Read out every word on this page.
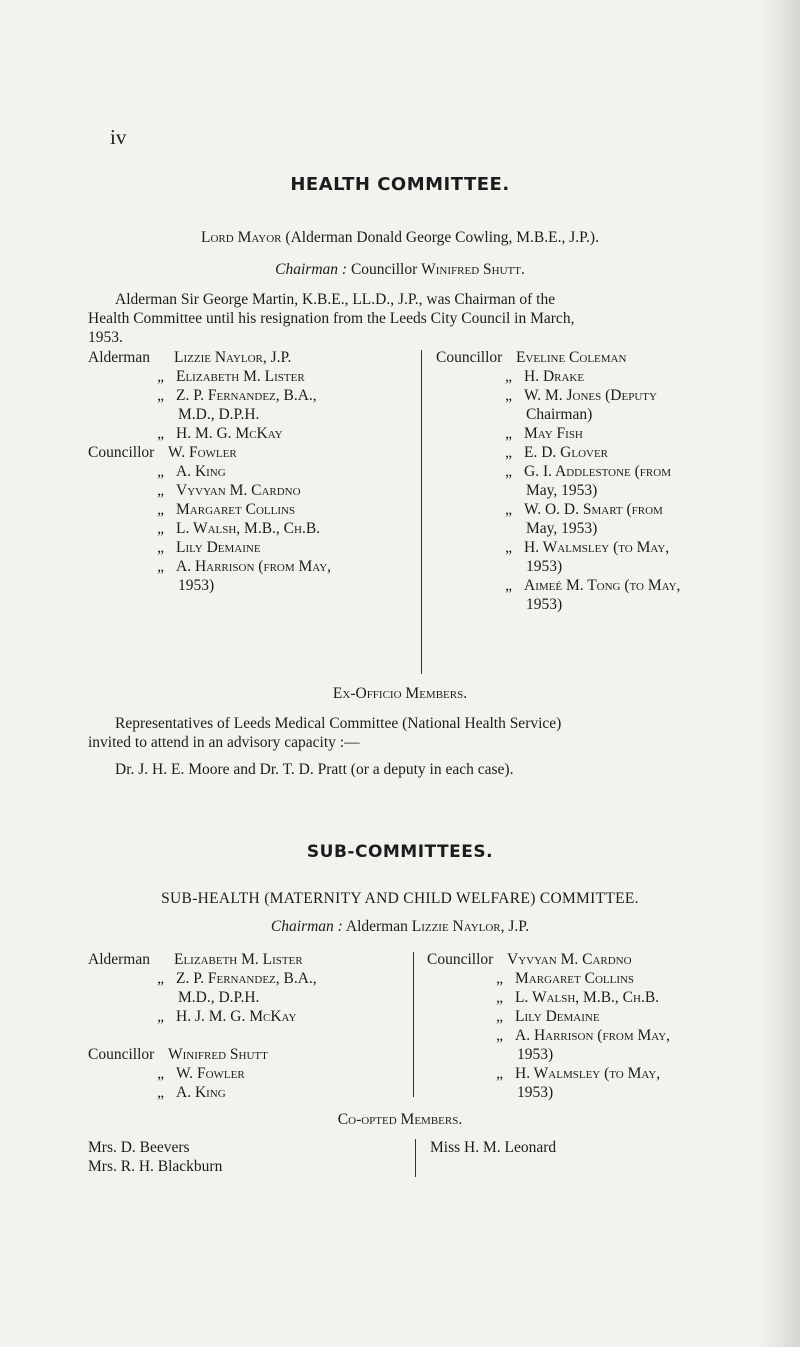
iv
HEALTH COMMITTEE.
Lord Mayor (Alderman Donald George Cowling, M.B.E., J.P.).
Chairman : Councillor Winifred Shutt.
Alderman Sir George Martin, K.B.E., LL.D., J.P., was Chairman of the
Health Committee until his resignation from the Leeds City Council in March,
1953.
Alderman Lizzie Naylor, J.P.
„ Elizabeth M. Lister
„ Z. P. Fernandez, B.A.,
M.D., D.P.H.
„ H. M. G. McKay
Councillor W. Fowler
„ A. King
„ Vyvyan M. Cardno
„ Margaret Collins
„ L. Walsh, M.B., Ch.B.
„ Lily Demaine
„ A. Harrison (from May,
1953)
Councillor Eveline Coleman
„ H. Drake
„ W. M. Jones (Deputy
Chairman)
„ May Fish
„ E. D. Glover
„ G. I. Addlestone (from
May, 1953)
„ W. O. D. Smart (from
May, 1953)
„ H. Walmsley (to May,
1953)
„ Aimeé M. Tong (to May,
1953)
Ex-Officio Members.
Representatives of Leeds Medical Committee (National Health Service)
invited to attend in an advisory capacity :—
Dr. J. H. E. Moore and Dr. T. D. Pratt (or a deputy in each case).
SUB-COMMITTEES.
SUB-HEALTH (MATERNITY AND CHILD WELFARE) COMMITTEE.
Chairman : Alderman Lizzie Naylor, J.P.
Alderman Elizabeth M. Lister
„ Z. P. Fernandez, B.A.,
M.D., D.P.H.
„ H. J. M. G. McKay
Councillor Winifred Shutt
„ W. Fowler
„ A. King
Councillor Vyvyan M. Cardno
„ Margaret Collins
„ L. Walsh, M.B., Ch.B.
„ Lily Demaine
„ A. Harrison (from May,
1953)
„ H. Walmsley (to May,
1953)
Co-opted Members.
Mrs. D. Beevers
Mrs. R. H. Blackburn
Miss H. M. Leonard
